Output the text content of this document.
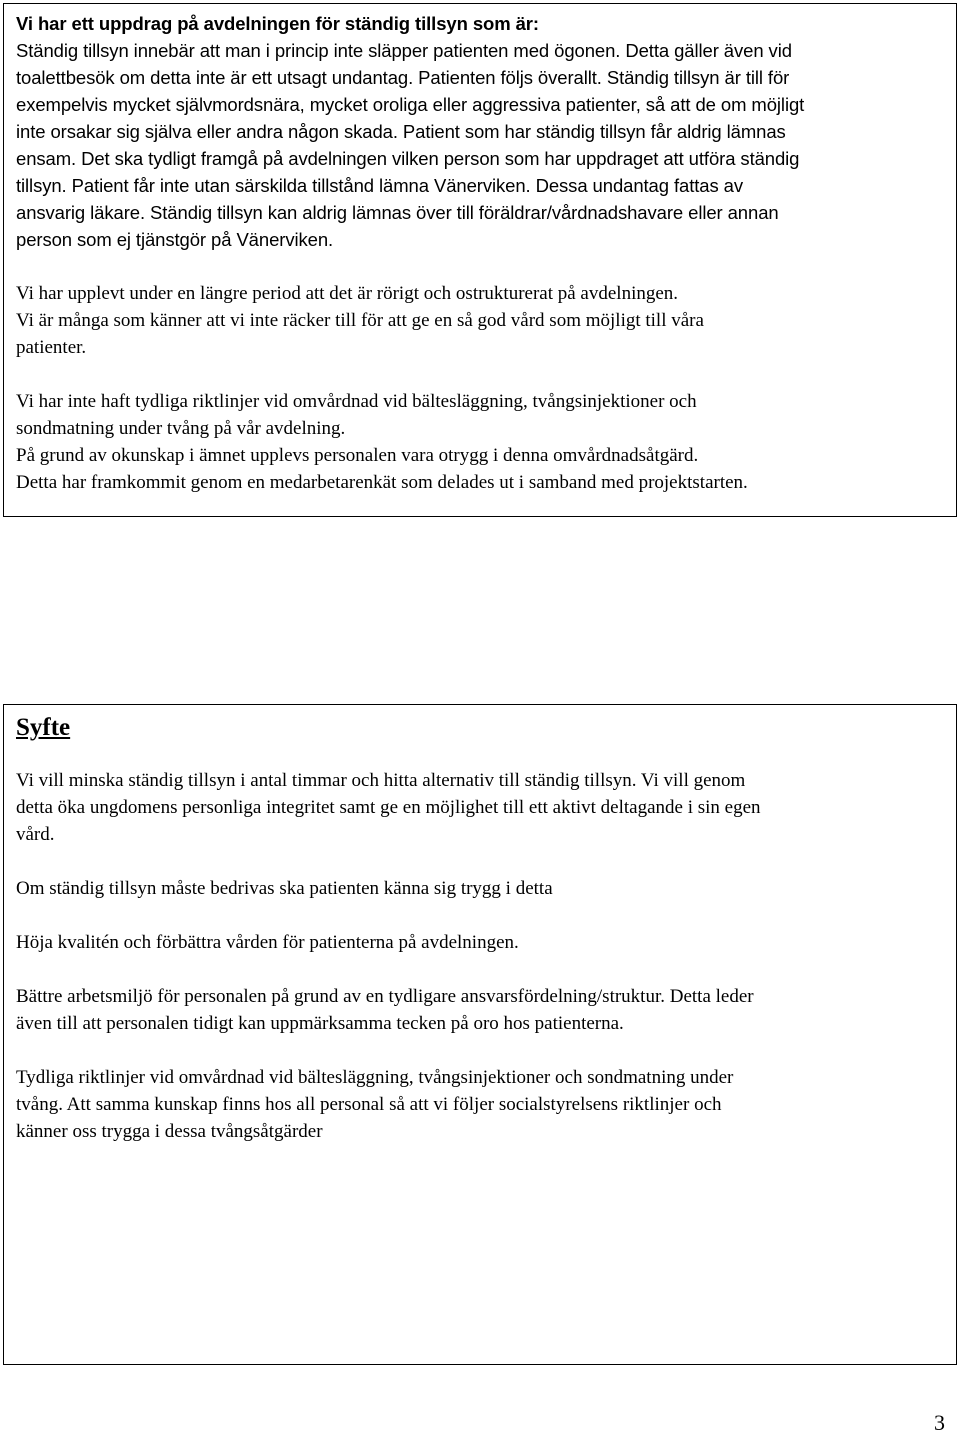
Vi har ett uppdrag på avdelningen för ständig tillsyn som är:

Ständig tillsyn innebär att man i princip inte släpper patienten med ögonen. Detta gäller även vid

toalettbesök om detta inte är ett utsagt undantag. Patienten följs överallt. Ständig tillsyn är till för

exempelvis mycket självmordsnära, mycket oroliga eller aggressiva patienter, så att de om möjligt

inte orsakar sig själva eller andra någon skada. Patient som har ständig tillsyn får aldrig lämnas

ensam. Det ska tydligt framgå på avdelningen vilken person som har uppdraget att utföra ständig

tillsyn. Patient får inte utan särskilda tillstånd lämna Vänerviken. Dessa undantag fattas av

ansvarig läkare. Ständig tillsyn kan aldrig lämnas över till föräldrar/vårdnadshavare eller annan

person som ej tjänstgör på Vänerviken.

Vi har upplevt under en längre period att det är rörigt och ostrukturerat på avdelningen.

Vi är många som känner att vi inte räcker till för att ge en så god vård som möjligt till våra

patienter.

Vi har inte haft tydliga riktlinjer vid omvårdnad vid bältesläggning, tvångsinjektioner och

sondmatning under tvång på vår avdelning.

På grund av okunskap i ämnet upplevs personalen vara otrygg i denna omvårdnadsåtgärd.

Detta har framkommit genom en medarbetarenkät som delades ut i samband med projektstarten.

Syfte

Vi vill minska ständig tillsyn i antal timmar och hitta alternativ till ständig tillsyn. Vi vill genom

detta öka ungdomens personliga integritet samt ge en möjlighet till ett aktivt deltagande i sin egen

vård.

Om ständig tillsyn måste bedrivas ska patienten känna sig trygg i detta

Höja kvalitén och förbättra vården för patienterna på avdelningen.

Bättre arbetsmiljö för personalen på grund av en tydligare ansvarsfördelning/struktur. Detta leder

även till att personalen tidigt kan uppmärksamma tecken på oro hos patienterna.

Tydliga riktlinjer vid omvårdnad vid bältesläggning, tvångsinjektioner och sondmatning under

tvång. Att samma kunskap finns hos all personal så att vi följer socialstyrelsens riktlinjer och

känner oss trygga i dessa tvångsåtgärder

3
